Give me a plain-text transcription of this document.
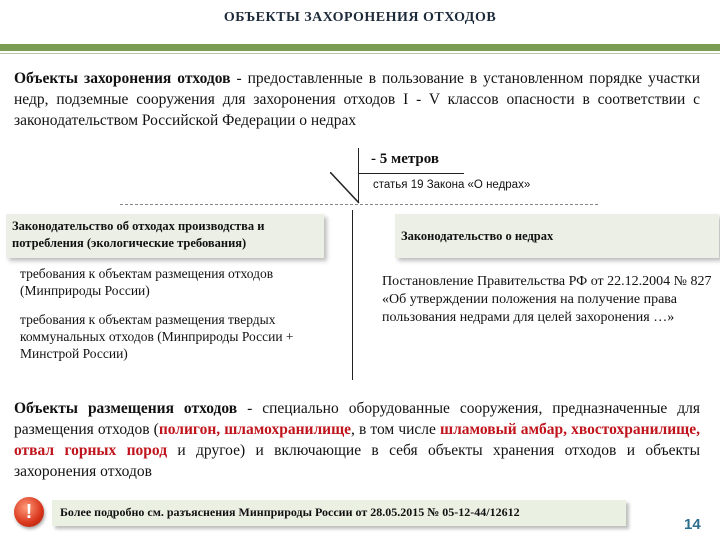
ОБЪЕКТЫ ЗАХОРОНЕНИЯ ОТХОДОВ
Объекты захоронения отходов - предоставленные в пользование в установленном порядке участки недр, подземные сооружения для захоронения отходов I - V классов опасности в соответствии с законодательством Российской Федерации о недрах
- 5 метров
статья 19 Закона «О недрах»
Законодательство об отходах производства и потребления (экологические требования)
требования к объектам размещения отходов (Минприроды России)
требования к объектам размещения твердых коммунальных отходов (Минприроды России + Минстрой России)
Законодательство о недрах
Постановление Правительства РФ от 22.12.2004 № 827 «Об утверждении положения на получение права пользования недрами для целей захоронения …»
Объекты размещения отходов - специально оборудованные сооружения, предназначенные для размещения отходов (полигон, шламохранилище, в том числе шламовый амбар, хвостохранилище, отвал горных пород и другое) и включающие в себя объекты хранения отходов и объекты захоронения отходов
!	Более подробно см. разъяснения Минприроды России от 28.05.2015 № 05-12-44/12612
14
